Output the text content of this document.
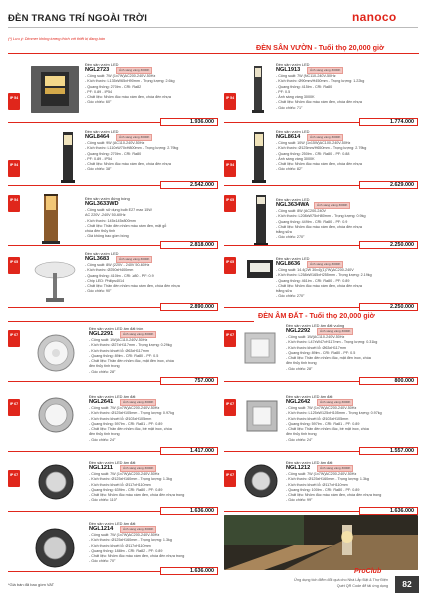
ĐÈN TRANG TRÍ NGOÀI TRỜI	nanoco
(*) Lưu ý: Dimmer không tương thích với thiết bị đang bán
ĐÈN SÂN VƯỜN - Tuổi thọ 20,000 giờ
ĐÈN ÂM ĐẤT - Tuổi thọ 20,000 giờ
IP 54
Đèn sân vườn LED
NGL2723	Ánh sáng vàng 3000K
- Công suất: 7W (1x7W)AC200-240V-50Hz
- Kích thước: L135xW65xH90mm - Trọng lượng: 2.6kg
- Quang thông: 270lm - CRI: Ra82
- PF: 0.89 - IP54
- Chất liệu: Nhôm đúc màu xám đen, chóa đèn nhựa
- Góc chiếu: 60°
1.936.000
IP 54
Đèn sân vườn LED
NGL1913	Ánh sáng vàng 3000K
- Công suất: 7W (NC110-240V-50Hz
- Kích thước: Ø90mm/H450mm - Trọng lượng: 1.22kg
- Quang thông: 415lm - CRI: Ra80
- PF: 0.5
- Ánh sáng vàng 3000K
- Chất liệu: Nhôm đúc màu xám đen, chóa đèn nhựa
- Góc chiếu: 71°
1.774.000
IP 54
Đèn sân vườn LED
NGL8464	Ánh sáng vàng 3000K
- Công suất: 9W (AC110-240V-50Hz
- Kích thước: L110xW70xH800mm - Trọng lượng: 2.79kg
- Quang thông: 270lm - CRI: Ra80
- PF: 0.89 - IP54
- Chất liệu: Nhôm đúc màu xám đen, chóa đèn nhựa
- Góc chiếu: 38°
2.542.000
IP 54
Đèn sân vườn LED
NGL8614	Ánh sáng vàng 3000K
- Công suất: 10W (1x15W)AC100-240V-50Hz
- Kích thước: Ø125mm/H650mm - Trọng lượng: 2.79kg
- Quang thông: 250lm - CRI: Ra80 - PF: 0.88
- Ánh sáng vàng 3000K
- Chất liệu: Nhôm đúc màu xám đen, chóa đèn nhựa
- Góc chiếu: 82°
2.629.000
IP 54	Đèn sân vườn đứng bóng
NGL3633WD
- Công suất: sử dụng bulb E27 max 15W
AC 220V -240V 50-60Hz
- Kích thước: 145x145x800mm
- Chất liệu: Thân đèn nhôm màu xám đen, mặt gỗ
chóa đèn thủy tinh
- Giá không bao gồm bóng
2.818.000
IP 65	Đèn sân vườn LED
NGL3634WA	Ánh sáng vàng 3000K
- Công suất: 8W (AC200-240V
- Kích thước: L208xW75xH80mm - Trọng lượng: 0.9kg
- Quang thông: 449lm - CRI: Ra80 - PF: 0.9
- Chất liệu: Nhôm đúc màu xám đen, chóa đèn nhựa
trắng sữa
- Góc chiếu: 270°
2.250.000
IP 65
Đèn sân vườn LED
NGL3683	Ánh sáng vàng 3000K
- Công suất: 8W (220V - 240V 50-60Hz
- Kích thước: Ø250xH400mm
- Quang thông: 410lm - CRI: ≥80 - PF: 0.9
- Chip LED: Philips4014
- Chất liệu: Thân đèn nhôm màu xám đen, chóa đèn nhựa
- Góc chiếu: 90°
2.890.000
IP 65
Đèn sân vườn LED
NGL8636	Ánh sáng vàng 3000K
- Công suất: 14.4(2W 30x4)(1)7W)AC200-240V
- Kích thước: L258xW165xH255mm - Trọng lượng: 2.19kg
- Quang thông: 461lm - CRI: Ra80 - PF: 0.89
- Chất liệu: Nhôm đúc màu xám đen, chóa đèn nhựa
trắng sữa
- Góc chiếu: 270°
2.250.000
IP 67
Đèn sân vườn LED âm đất tròn
NGL2291	Ánh sáng vàng 3000K
- Công suất: 1W(AC110-240V-50Hz
- Kích thước: Ø27xH117mm - Trọng lượng: 0.29kg
- Kích thước khoét lỗ: Ø63xH117mm
- Quang thông: 89lm - CRI: Ra80 - PF: 0.5
- Chất liệu: Thân đèn nhôm đúc, mặt đèn inox, chóa
đèn thủy tinh trong
- Góc chiếu: 28°
757.000
IP 67
Đèn sân vườn LED âm đất vuông
NGL2292	Ánh sáng vàng 3000K
- Công suất: 1W(AC110-240V-50Hz
- Kích thước: L47xW47xH117mm - Trọng lượng: 0.31kg
- Kích thước khoét lỗ: Ø63xH117mm
- Quang thông: 89lm - CRI: Ra80 - PF: 0.5
- Chất liệu: Thân đèn nhôm đúc, mặt đèn inox, chóa
đèn thủy tinh trong
- Góc chiếu: 28°
800.000
IP 67
Đèn sân vườn LED âm đất
NGL2641	Ánh sáng vàng 3000K
- Công suất: 7W (1x7W)AC200-240V-50Hz
- Kích thước: Ø125xH105mm - Trọng lượng: 0.97kg
- Kích thước khoét lỗ: Ø103xH105mm
- Quang thông: 597lm - CRI: Ra81 - PF: 0.89
- Chất liệu: Thân đèn nhôm đúc, bề mặt inox, chóa
đèn thủy tinh trong
- Góc chiếu: 24°
1.417.000
IP 67
Đèn sân vườn LED âm đất
NGL2642	Ánh sáng vàng 3000K
- Công suất: 7W (1x7W)AC200-240V-50Hz
- Kích thước: L125xW125xH105mm - Trọng lượng: 0.97kg
- Kích thước khoét lỗ: Ø103xH105mm
- Quang thông: 597lm - CRI: Ra81 - PF: 0.89
- Chất liệu: Thân đèn nhôm đúc, bề mặt inox, chóa
đèn thủy tinh trong
- Góc chiếu: 24°
1.557.000
IP 67
Đèn sân vườn LED âm đất
NGL1211	Ánh sáng vàng 3000K
- Công suất: 7W (1x7W)AC200-240V-50Hz
- Kích thước: Ø125xH160mm - Trọng lượng: 1.3kg
- Kích thước khoét lỗ: Ø117xH110mm
- Quang thông: 639lm - CRI: Ra80 - PF: 0.89
- Chất liệu: Nhôm đúc màu xám đen, chóa đèn nhựa trong
- Góc chiếu: 110°
1.636.000
IP 67
Đèn sân vườn LED âm đất
NGL1212	Ánh sáng vàng 3000K
- Công suất: 7W (1x7W)AC200-240V-50Hz
- Kích thước: Ø125xH160mm - Trọng lượng: 1.3kg
- Kích thước khoét lỗ: Ø117xH110mm
- Quang thông: 100lm - CRI: Ra80 - PF: 0.89
- Chất liệu: Nhôm đúc màu xám đen, chóa đèn nhựa trong
- Góc chiếu: 99°
1.636.000
Đèn sân vườn LED âm đất
NGL1214	Ánh sáng vàng 3000K
- Công suất: 7W (1x7W)AC200-240V-50Hz
- Kích thước: Ø125xH160mm - Trọng lượng: 1.3kg
- Kích thước khoét lỗ: Ø117xH110mm
- Quang thông: 188lm - CRI: Ra82 - PF: 0.89
- Chất liệu: Nhôm đúc màu xám đen, chóa đèn nhựa trong
- Góc chiếu: 70°
1.636.000
*Giá bán đã bao gồm VAT
ProClub
Ứng dụng tích điểm đổi quà cho Nhà Lắp Đặt & Thợ Điện
Quét QR Code để tải ứng dụng	82
